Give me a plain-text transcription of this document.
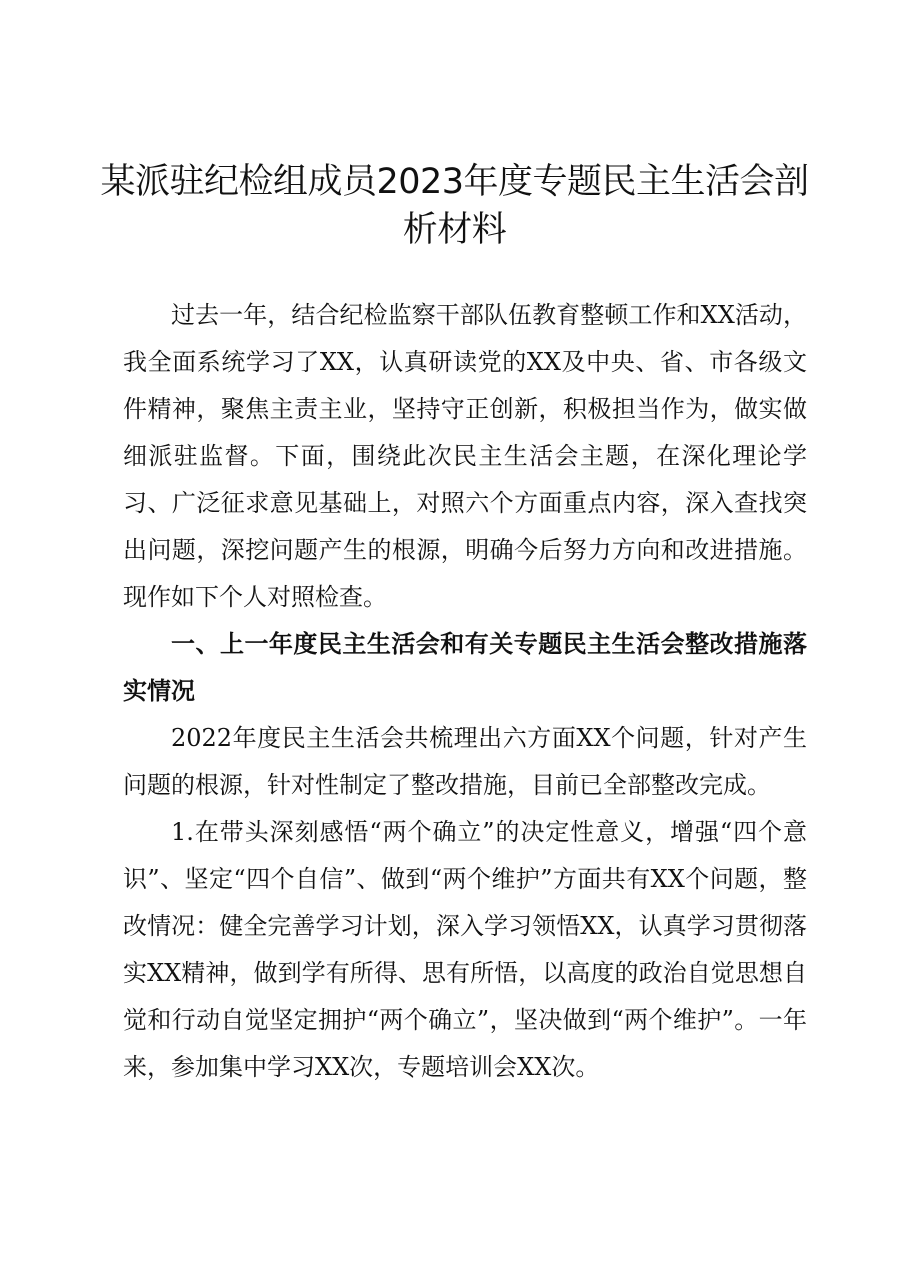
某派驻纪检组成员2023年度专题民主生活会剖
析材料

过去一年，结合纪检监察干部队伍教育整顿工作和XX活动，我全面系统学习了XX，认真研读党的XX及中央、省、市各级文件精神，聚焦主责主业，坚持守正创新，积极担当作为，做实做细派驻监督。下面，围绕此次民主生活会主题，在深化理论学习、广泛征求意见基础上，对照六个方面重点内容，深入查找突出问题，深挖问题产生的根源，明确今后努力方向和改进措施。现作如下个人对照检查。

一、上一年度民主生活会和有关专题民主生活会整改措施落实情况

2022年度民主生活会共梳理出六方面XX个问题，针对产生问题的根源，针对性制定了整改措施，目前已全部整改完成。

1.在带头深刻感悟“两个确立”的决定性意义，增强“四个意识”、坚定“四个自信”、做到“两个维护”方面共有XX个问题，整改情况：健全完善学习计划，深入学习领悟XX，认真学习贯彻落实XX精神，做到学有所得、思有所悟，以高度的政治自觉思想自觉和行动自觉坚定拥护“两个确立”，坚决做到“两个维护”。一年来，参加集中学习XX次，专题培训会XX次。
